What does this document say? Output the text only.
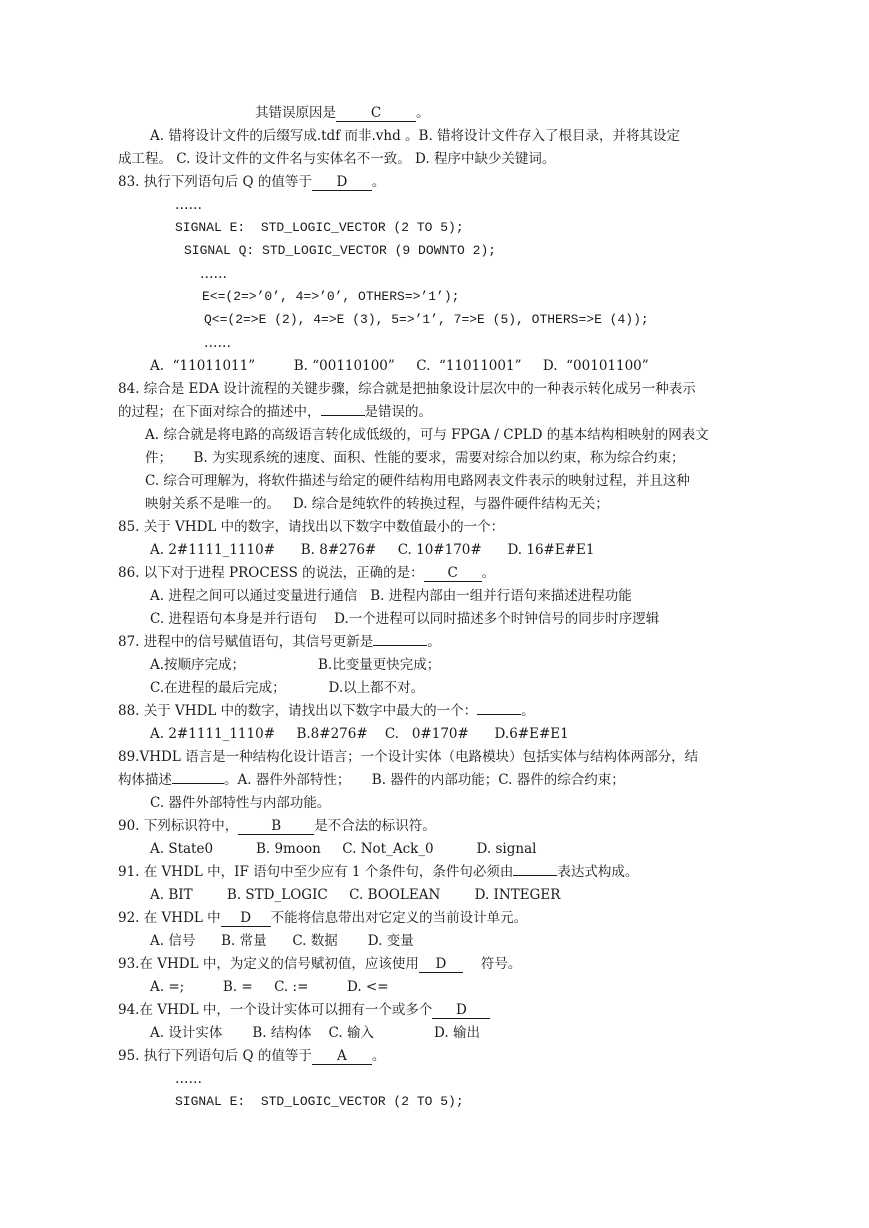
其错误原因是	C	。
A. 错将设计文件的后缀写成.tdf 而非.vhd 。B. 错将设计文件存入了根目录，并将其设定
成工程。 C. 设计文件的文件名与实体名不一致。 D. 程序中缺少关键词。
83. 执行下列语句后 Q 的值等于 D 。
……
SIGNAL E:  STD_LOGIC_VECTOR (2 TO 5);
SIGNAL Q: STD_LOGIC_VECTOR (9 DOWNTO 2);
……
E<=(2=>’0’, 4=>’0’, OTHERS=>’1’);
Q<=(2=>E (2), 4=>E (3), 5=>’1’, 7=>E (5), OTHERS=>E (4));
……
A.  “11011011”         B. “00110100”     C.  “11011001”     D.  “00101100”
84. 综合是 EDA 设计流程的关键步骤，综合就是把抽象设计层次中的一种表示转化成另一种表示
的过程；在下面对综合的描述中，	是错误的。
A. 综合就是将电路的高级语言转化成低级的，可与 FPGA / CPLD 的基本结构相映射的网表文
件；     B. 为实现系统的速度、面积、性能的要求，需要对综合加以约束，称为综合约束；
C. 综合可理解为，将软件描述与给定的硬件结构用电路网表文件表示的映射过程，并且这种
映射关系不是唯一的。   D. 综合是纯软件的转换过程，与器件硬件结构无关；
85. 关于 VHDL 中的数字，请找出以下数字中数值最小的一个：
A. 2#1111_1110#      B. 8#276#     C. 10#170#      D. 16#E#E1
86. 以下对于进程 PROCESS 的说法，正确的是： C 。
A. 进程之间可以通过变量进行通信   B. 进程内部由一组并行语句来描述进程功能
C. 进程语句本身是并行语句    D.一个进程可以同时描述多个时钟信号的同步时序逻辑
87. 进程中的信号赋值语句，其信号更新是	。
A.按顺序完成；                 B.比变量更快完成；
C.在进程的最后完成；          D.以上都不对。
88. 关于 VHDL 中的数字，请找出以下数字中最大的一个：	。
A. 2#1111_1110#     B.8#276#    C.   0#170#      D.6#E#E1
89.VHDL 语言是一种结构化设计语言；一个设计实体（电路模块）包括实体与结构体两部分，结
构体描述	。A. 器件外部特性；     B. 器件的内部功能；C. 器件的综合约束；
C. 器件外部特性与内部功能。
90. 下列标识符中， B 是不合法的标识符。
A. State0          B. 9moon     C. Not_Ack_0          D. signal
91. 在 VHDL 中，IF 语句中至少应有 1 个条件句，条件句必须由	表达式构成。
A. BIT        B. STD_LOGIC     C. BOOLEAN        D. INTEGER
92. 在 VHDL 中 D 不能将信息带出对它定义的当前设计单元。
A. 信号      B. 常量      C. 数据       D. 变量
93.在 VHDL 中，为定义的信号赋初值，应该使用 D	符号。
A. =;         B. =     C. :=         D. <=
94.在 VHDL 中，一个设计实体可以拥有一个或多个 D
A. 设计实体       B. 结构体    C. 输入              D. 输出
95. 执行下列语句后 Q 的值等于 A 。
……
SIGNAL E:  STD_LOGIC_VECTOR (2 TO 5);
